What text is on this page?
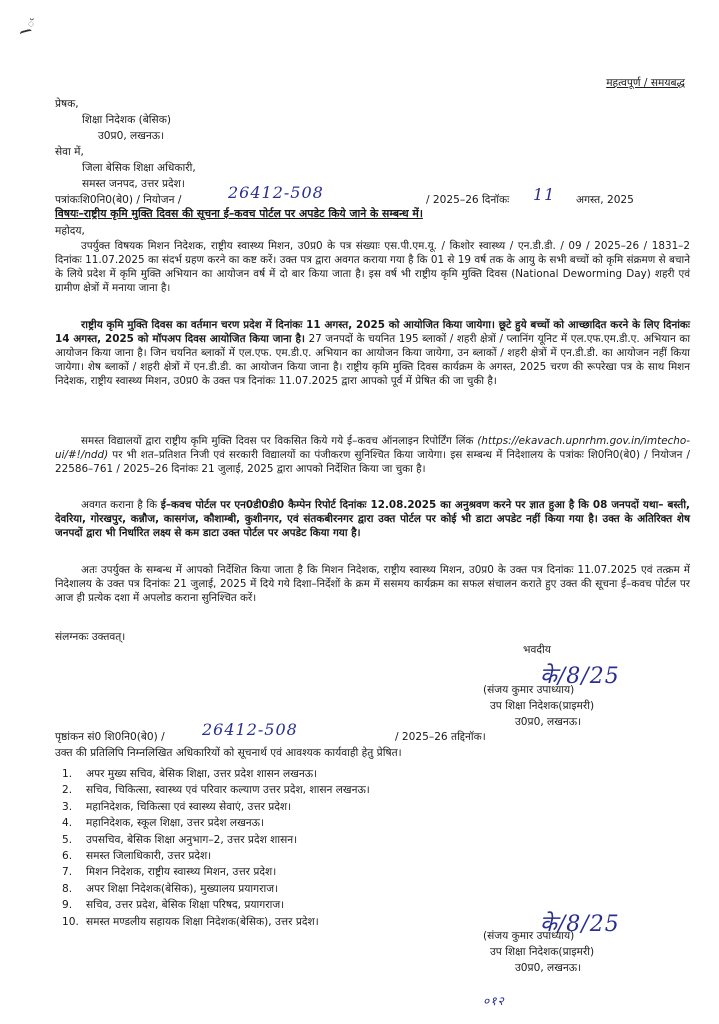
ॅ
महत्वपूर्ण / समयबद्ध
प्रेषक,
शिक्षा निदेशक (बेसिक)
उ0प्र0, लखनऊ।
सेवा में,
जिला बेसिक शिक्षा अधिकारी,
समस्त जनपद, उत्तर प्रदेश।
पत्रांकःशि0नि0(बे0) / नियोजन /	26412-508	/ 2025–26 दिनॉकः 11 अगस्त, 2025
विषयः–राष्ट्रीय कृमि मुक्ति दिवस की सूचना ई–कवच पोर्टल पर अपडेट किये जाने के सम्बन्ध में।
महोदय,
उपर्युक्त विषयक मिशन निदेशक, राष्ट्रीय स्वास्थ्य मिशन, उ0प्र0 के पत्र संख्याः एस.पी.एम.यू. / किशोर स्वास्थ्य / एन.डी.डी. / 09 / 2025–26 / 1831–2 दिनांकः 11.07.2025 का संदर्भ ग्रहण करने का कष्ट करें। उक्त पत्र द्वारा अवगत कराया गया है कि 01 से 19 वर्ष तक के आयु के सभी बच्चों को कृमि संक्रमण से बचाने के लिये प्रदेश में कृमि मुक्ति अभियान का आयोजन वर्ष में दो बार किया जाता है। इस वर्ष भी राष्ट्रीय कृमि मुक्ति दिवस (National Deworming Day) शहरी एवं ग्रामीण क्षेत्रों में मनाया जाना है।
राष्ट्रीय कृमि मुक्ति दिवस का वर्तमान चरण प्रदेश में दिनांकः 11 अगस्त, 2025 को आयोजित किया जायेगा। छूटे हुये बच्चों को आच्छादित करने के लिए दिनांकः 14 अगस्त, 2025 को मॉपअप दिवस आयोजित किया जाना है। 27 जनपदों के चयनित 195 ब्लाकों / शहरी क्षेत्रों / प्लानिंग यूनिट में एल.एफ.एम.डी.ए. अभियान का आयोजन किया जाना है। जिन चयनित ब्लाकों में एल.एफ. एम.डी.ए. अभियान का आयोजन किया जायेगा, उन ब्लाकों / शहरी क्षेत्रों में एन.डी.डी. का आयोजन नहीं किया जायेगा। शेष ब्लाकों / शहरी क्षेत्रों में एन.डी.डी. का आयोजन किया जाना है। राष्ट्रीय कृमि मुक्ति दिवस कार्यक्रम के अगस्त, 2025 चरण की रूपरेखा पत्र के साथ मिशन निदेशक, राष्ट्रीय स्वास्थ्य मिशन, उ0प्र0 के उक्त पत्र दिनांकः 11.07.2025 द्वारा आपको पूर्व में प्रेषित की जा चुकी है।
समस्त विद्यालयों द्वारा राष्ट्रीय कृमि मुक्ति दिवस पर विकसित किये गये ई–कवच ऑनलाइन रिपोर्टिंग लिंक (https://ekavach.upnrhm.gov.in/imtecho-ui/#!/ndd) पर भी शत–प्रतिशत निजी एवं सरकारी विद्यालयों का पंजीकरण सुनिश्चित किया जायेगा। इस सम्बन्ध में निदेशालय के पत्रांकः शि0नि0(बे0) / नियोजन / 22586–761 / 2025–26 दिनांकः 21 जुलाई, 2025 द्वारा आपको निर्देशित किया जा चुका है।
अवगत कराना है कि ई–कवच पोर्टल पर एन0डी0डी0 कैम्पेन रिपोर्ट दिनांकः 12.08.2025 का अनुश्रवण करने पर ज्ञात हुआ है कि 08 जनपदों यथा– बस्ती, देवरिया, गोरखपुर, कन्नौज, कासगंज, कौशाम्बी, कुशीनगर, एवं संतकबीरनगर द्वारा उक्त पोर्टल पर कोई भी डाटा अपडेट नहीं किया गया है। उक्त के अतिरिक्त शेष जनपदों द्वारा भी निर्धारित लक्ष्य से कम डाटा उक्त पोर्टल पर अपडेट किया गया है।
अतः उपर्युक्त के सम्बन्ध में आपको निर्देशित किया जाता है कि मिशन निदेशक, राष्ट्रीय स्वास्थ्य मिशन, उ0प्र0 के उक्त पत्र दिनांकः 11.07.2025 एवं तत्क्रम में निदेशालय के उक्त पत्र दिनांकः 21 जुलाई, 2025 में दिये गये दिशा–निर्देशों के क्रम में ससमय कार्यक्रम का सफल संचालन कराते हुए उक्त की सूचना ई–कवच पोर्टल पर आज ही प्रत्येक दशा में अपलोड कराना सुनिश्चित करें।
संलग्नकः उक्तवत्।
भवदीय
के/8/25
(संजय कुमार उपाध्याय)
उप शिक्षा निदेशक(प्राइमरी)
उ0प्र0, लखनऊ।
पृष्ठांकन सं0 शि0नि0(बे0) / 26412-508	/ 2025–26 तद्दिनॉक।
उक्त की प्रतिलिपि निम्नलिखित अधिकारियों को सूचनार्थ एवं आवश्यक कार्यवाही हेतु प्रेषित।
1. अपर मुख्य सचिव, बेसिक शिक्षा, उत्तर प्रदेश शासन लखनऊ।
2. सचिव, चिकित्सा, स्वास्थ्य एवं परिवार कल्याण उत्तर प्रदेश, शासन लखनऊ।
3. महानिदेशक, चिकित्सा एवं स्वास्थ्य सेवाएं, उत्तर प्रदेश।
4. महानिदेशक, स्कूल शिक्षा, उत्तर प्रदेश लखनऊ।
5. उपसचिव, बेसिक शिक्षा अनुभाग–2, उत्तर प्रदेश शासन।
6. समस्त जिलाधिकारी, उत्तर प्रदेश।
7. मिशन निदेशक, राष्ट्रीय स्वास्थ्य मिशन, उत्तर प्रदेश।
8. अपर शिक्षा निदेशक(बेसिक), मुख्यालय प्रयागराज।
9. सचिव, उत्तर प्रदेश, बेसिक शिक्षा परिषद, प्रयागराज।
10. समस्त मण्डलीय सहायक शिक्षा निदेशक(बेसिक), उत्तर प्रदेश।	के/8/25
(संजय कुमार उपाध्याय)
उप शिक्षा निदेशक(प्राइमरी)
उ0प्र0, लखनऊ।
०१२
